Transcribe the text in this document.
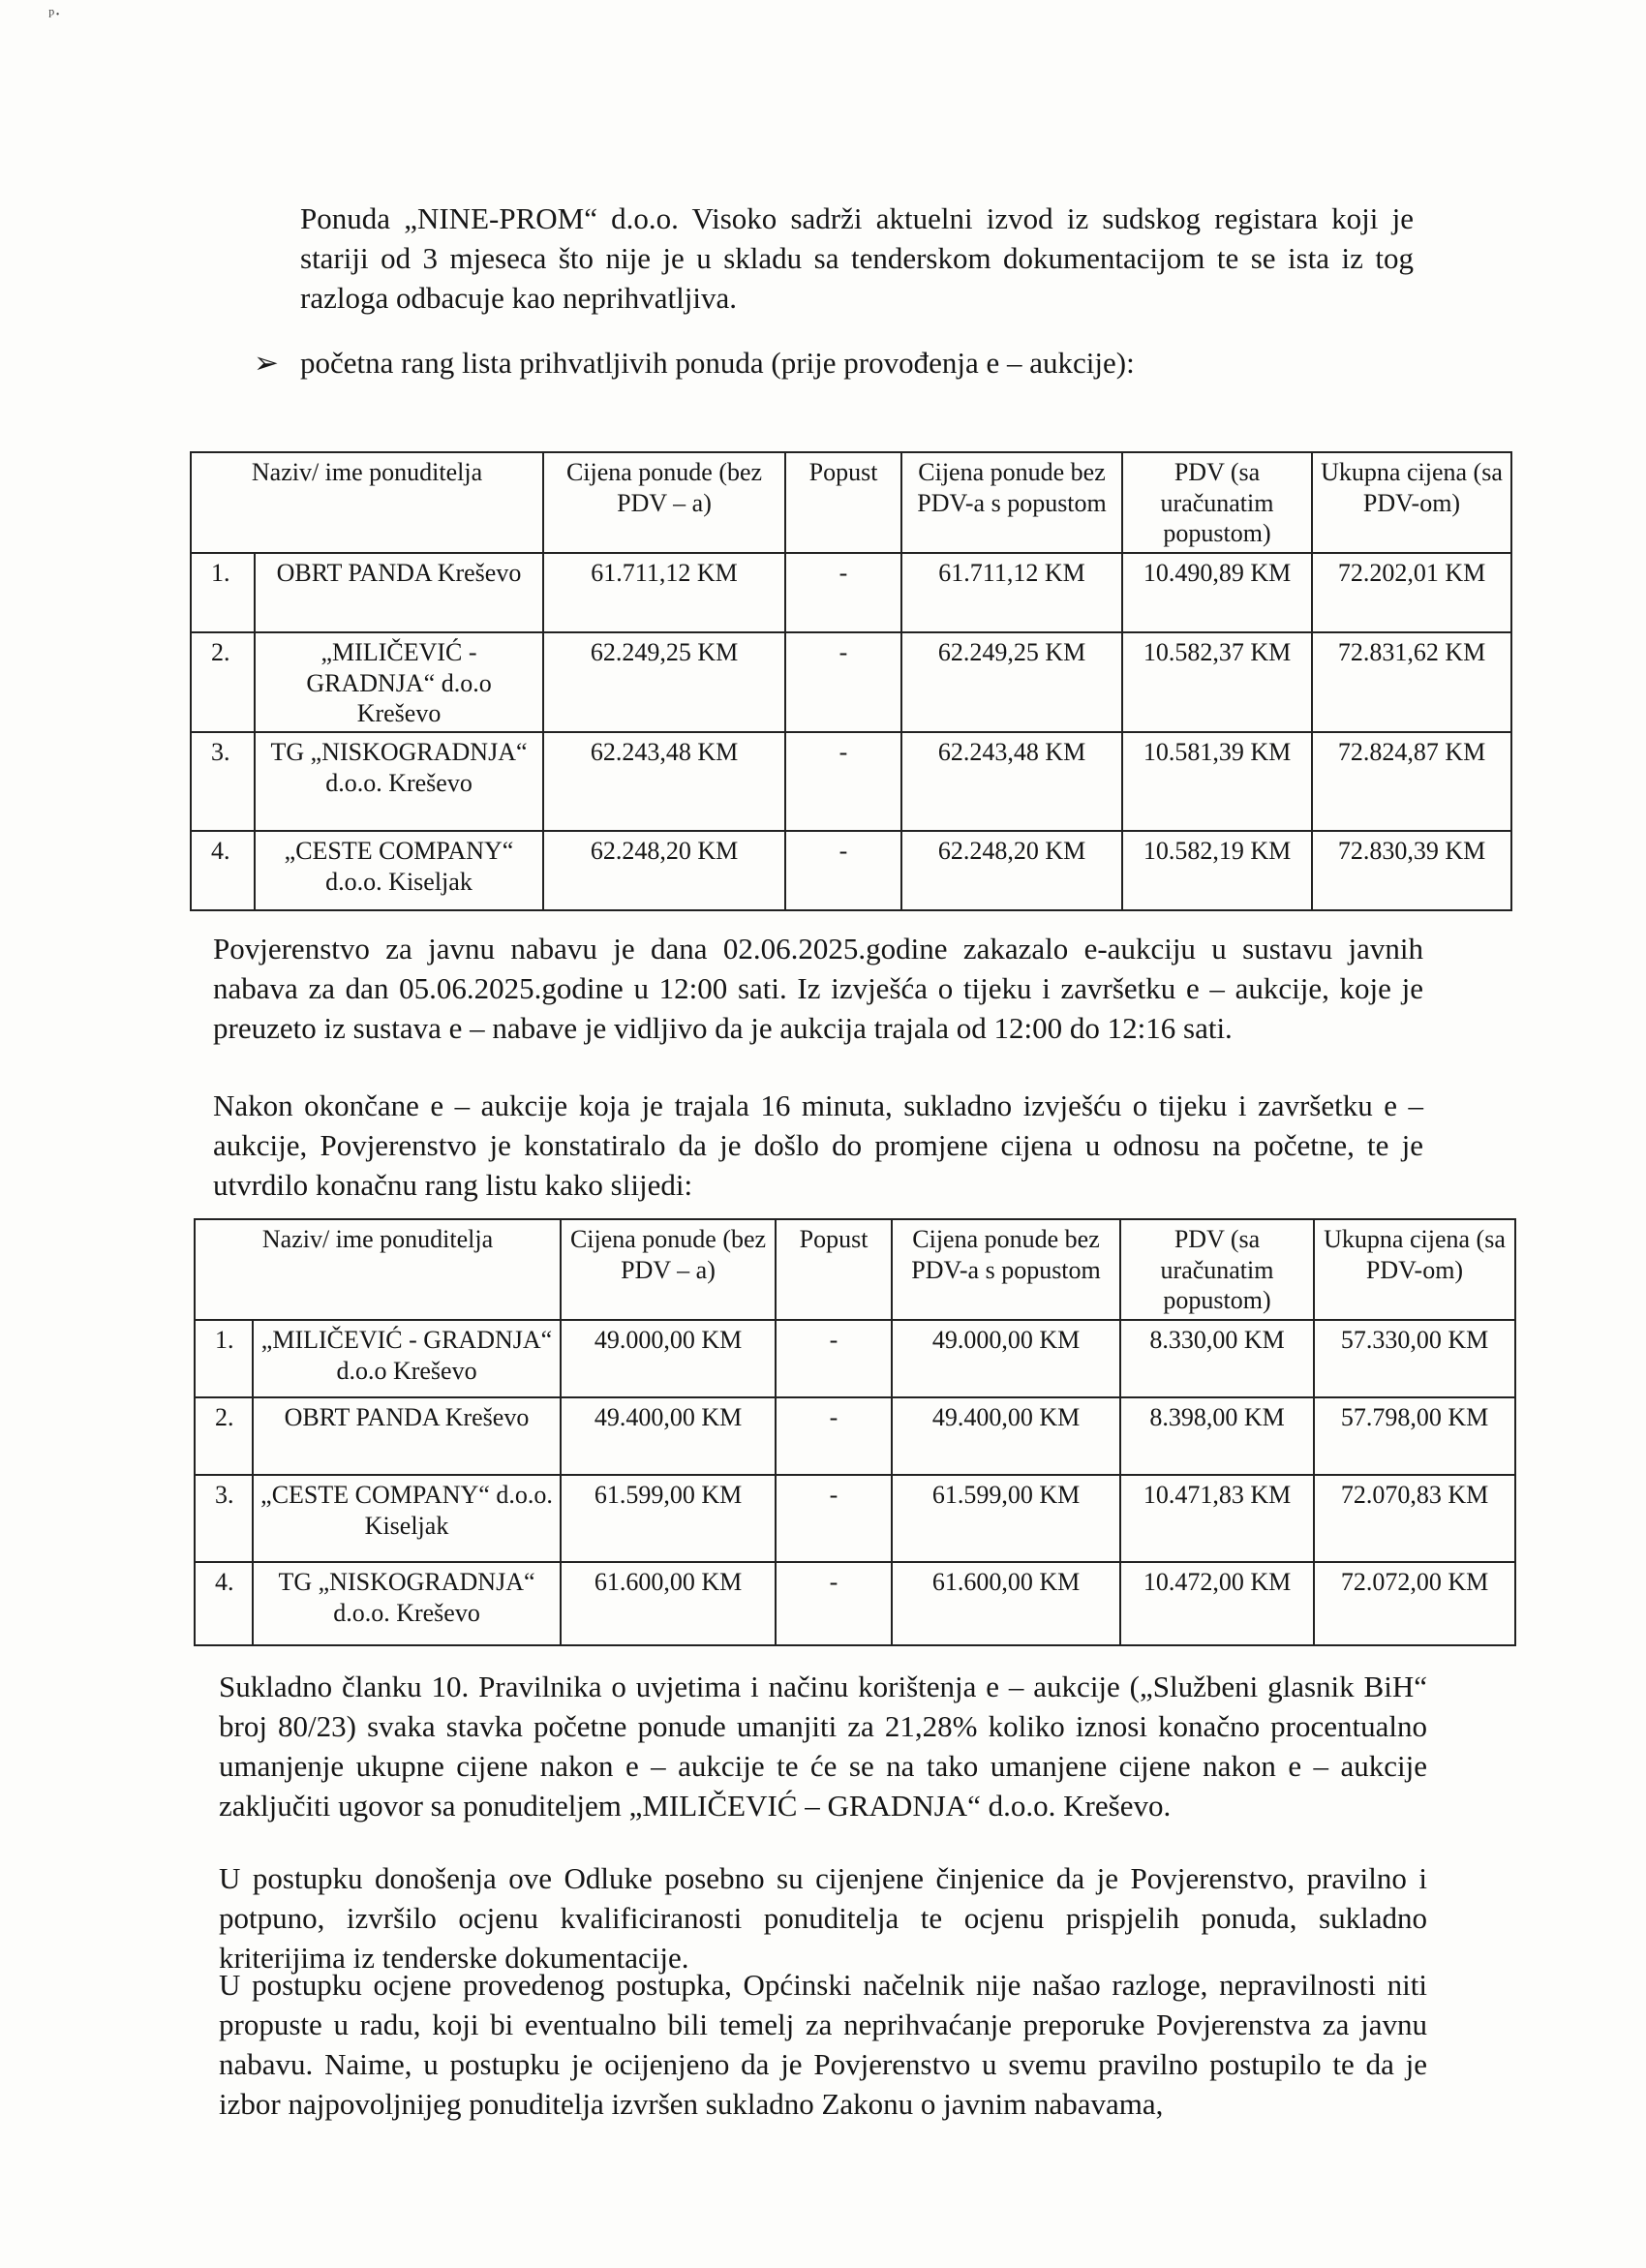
ᵖ·

Ponuda „NINE-PROM“ d.o.o. Visoko sadrži aktuelni izvod iz sudskog registara koji je stariji od 3 mjeseca što nije je u skladu sa tenderskom dokumentacijom te se ista iz tog razloga odbacuje kao neprihvatljiva.

➢ početna rang lista prihvatljivih ponuda (prije provođenja e – aukcije):
Naziv/ ime ponuditelja		Cijena ponude (bez PDV – a)	Popust	Cijena ponude bez PDV-a s popustom	PDV (sa uračunatim popustom)	Ukupna cijena (sa PDV-om)
1.	OBRT PANDA Kreševo	61.711,12 KM	-	61.711,12 KM	10.490,89 KM	72.202,01 KM
2.	„MILIČEVIĆ - GRADNJA“ d.o.o Kreševo	62.249,25 KM	-	62.249,25 KM	10.582,37 KM	72.831,62 KM
3.	TG „NISKOGRADNJA“ d.o.o. Kreševo	62.243,48 KM	-	62.243,48 KM	10.581,39 KM	72.824,87 KM
4.	„CESTE COMPANY“ d.o.o. Kiseljak	62.248,20 KM	-	62.248,20 KM	10.582,19 KM	72.830,39 KM

Povjerenstvo za javnu nabavu je dana 02.06.2025.godine zakazalo e-aukciju u sustavu javnih nabava za dan 05.06.2025.godine u 12:00 sati. Iz izvješća o tijeku i završetku e – aukcije, koje je preuzeto iz sustava e – nabave je vidljivo da je aukcija trajala od 12:00 do 12:16 sati.

Nakon okončane e – aukcije koja je trajala 16 minuta, sukladno izvješću o tijeku i završetku e – aukcije, Povjerenstvo je konstatiralo da je došlo do promjene cijena u odnosu na početne, te je utvrdilo konačnu rang listu kako slijedi:

Naziv/ ime ponuditelja		Cijena ponude (bez PDV – a)	Popust	Cijena ponude bez PDV-a s popustom	PDV (sa uračunatim popustom)	Ukupna cijena (sa PDV-om)
1.	„MILIČEVIĆ - GRADNJA“ d.o.o Kreševo	49.000,00 KM	-	49.000,00 KM	8.330,00 KM	57.330,00 KM
2.	OBRT PANDA Kreševo	49.400,00 KM	-	49.400,00 KM	8.398,00 KM	57.798,00 KM
3.	„CESTE COMPANY“ d.o.o. Kiseljak	61.599,00 KM	-	61.599,00 KM	10.471,83 KM	72.070,83 KM
4.	TG „NISKOGRADNJA“ d.o.o. Kreševo	61.600,00 KM	-	61.600,00 KM	10.472,00 KM	72.072,00 KM

Sukladno članku 10. Pravilnika o uvjetima i načinu korištenja e – aukcije („Službeni glasnik BiH“ broj 80/23) svaka stavka početne ponude umanjiti za 21,28% koliko iznosi konačno procentualno umanjenje ukupne cijene nakon e – aukcije te će se na tako umanjene cijene nakon e – aukcije zaključiti ugovor sa ponuditeljem „MILIČEVIĆ – GRADNJA“ d.o.o. Kreševo.

U postupku donošenja ove Odluke posebno su cijenjene činjenice da je Povjerenstvo, pravilno i potpuno, izvršilo ocjenu kvalificiranosti ponuditelja te ocjenu prispjelih ponuda, sukladno kriterijima iz tenderske dokumentacije.

U postupku ocjene provedenog postupka, Općinski načelnik nije našao razloge, nepravilnosti niti propuste u radu, koji bi eventualno bili temelj za neprihvaćanje preporuke Povjerenstva za javnu nabavu. Naime, u postupku je ocijenjeno da je Povjerenstvo u svemu pravilno postupilo te da je izbor najpovoljnijeg ponuditelja izvršen sukladno Zakonu o javnim nabavama,
